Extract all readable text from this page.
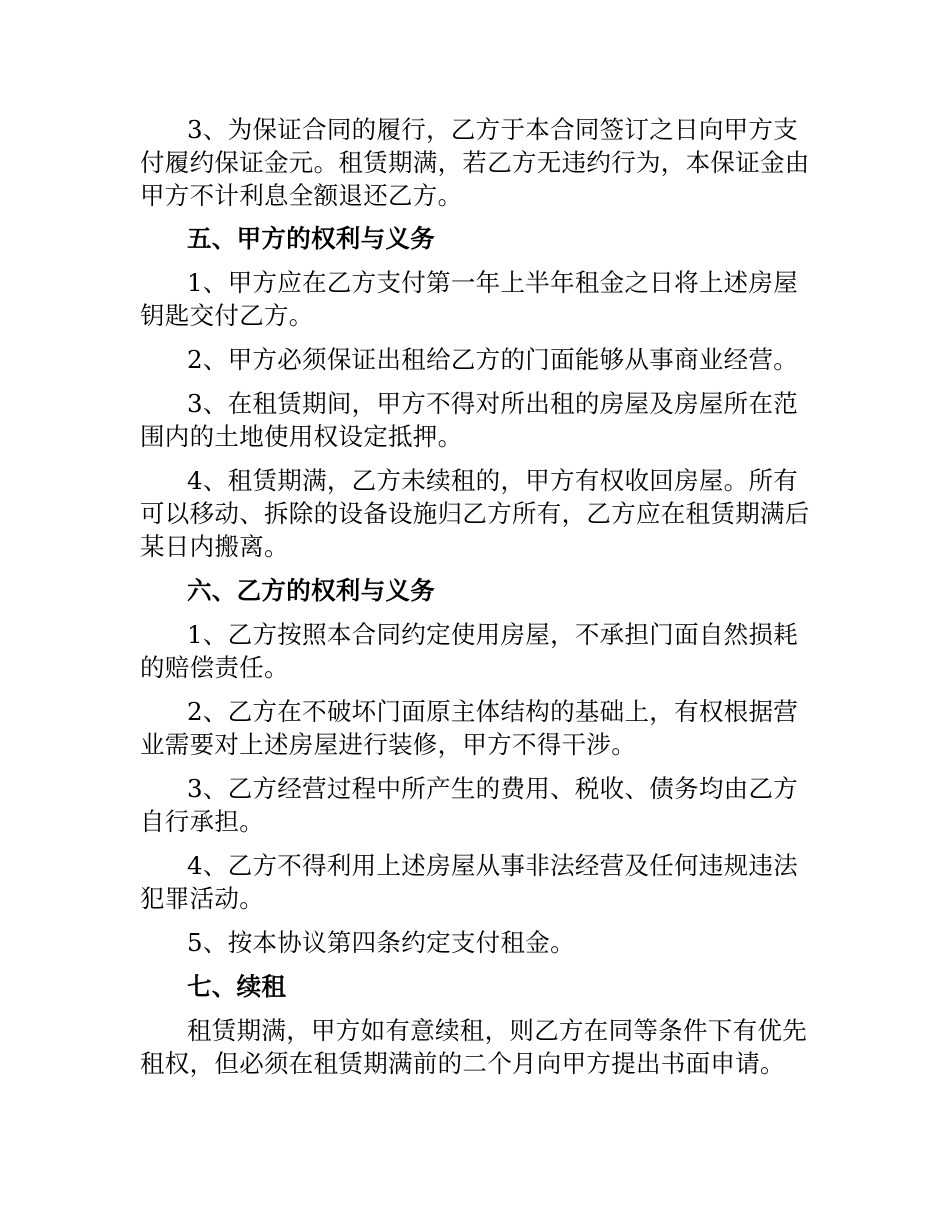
3、为保证合同的履行，乙方于本合同签订之日向甲方支
付履约保证金元。租赁期满，若乙方无违约行为，本保证金由
甲方不计利息全额退还乙方。
五、甲方的权利与义务
1、甲方应在乙方支付第一年上半年租金之日将上述房屋
钥匙交付乙方。
2、甲方必须保证出租给乙方的门面能够从事商业经营。
3、在租赁期间，甲方不得对所出租的房屋及房屋所在范
围内的土地使用权设定抵押。
4、租赁期满，乙方未续租的，甲方有权收回房屋。所有
可以移动、拆除的设备设施归乙方所有，乙方应在租赁期满后
某日内搬离。
六、乙方的权利与义务
1、乙方按照本合同约定使用房屋，不承担门面自然损耗
的赔偿责任。
2、乙方在不破坏门面原主体结构的基础上，有权根据营
业需要对上述房屋进行装修，甲方不得干涉。
3、乙方经营过程中所产生的费用、税收、债务均由乙方
自行承担。
4、乙方不得利用上述房屋从事非法经营及任何违规违法
犯罪活动。
5、按本协议第四条约定支付租金。
七、续租
租赁期满，甲方如有意续租，则乙方在同等条件下有优先
租权，但必须在租赁期满前的二个月向甲方提出书面申请。
